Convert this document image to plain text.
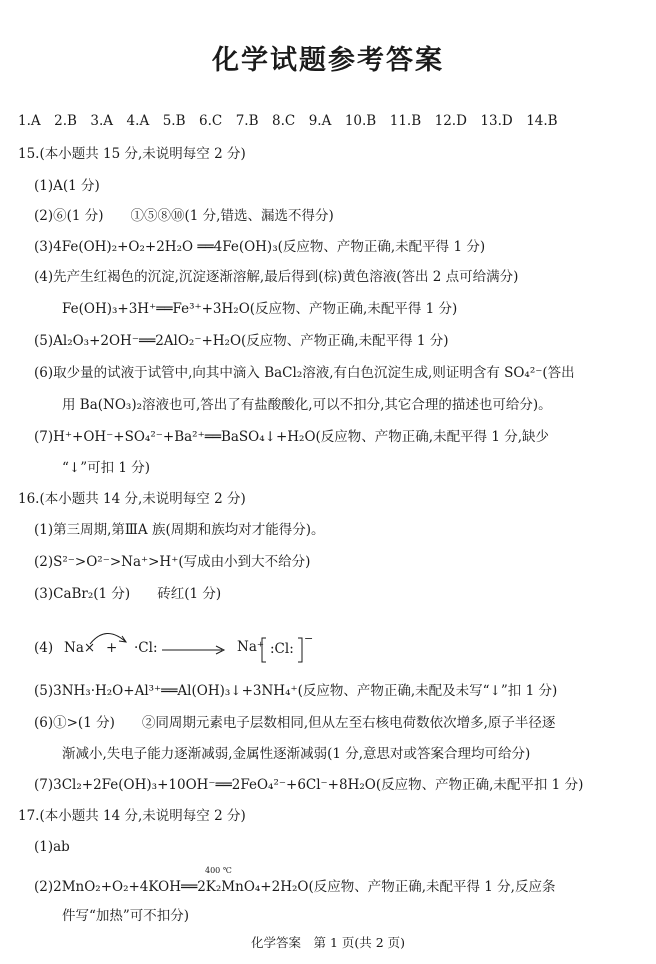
化学试题参考答案
1.A　2.B　3.A　4.A　5.B　6.C　7.B　8.C　9.A　10.B　11.B　12.D　13.D　14.B
15.(本小题共 15 分,未说明每空 2 分)
(1)A(1 分)
(2)⑥(1 分)　　①⑤⑧⑩(1 分,错选、漏选不得分)
(3)4Fe(OH)₂+O₂+2H₂O ══4Fe(OH)₃(反应物、产物正确,未配平得 1 分)
(4)先产生红褐色的沉淀,沉淀逐渐溶解,最后得到(棕)黄色溶液(答出 2 点可给满分)
Fe(OH)₃+3H⁺══Fe³⁺+3H₂O(反应物、产物正确,未配平得 1 分)
(5)Al₂O₃+2OH⁻══2AlO₂⁻+H₂O(反应物、产物正确,未配平得 1 分)
(6)取少量的试液于试管中,向其中滴入 BaCl₂溶液,有白色沉淀生成,则证明含有 SO₄²⁻(答出
用 Ba(NO₃)₂溶液也可,答出了有盐酸酸化,可以不扣分,其它合理的描述也可给分)。
(7)H⁺+OH⁻+SO₄²⁻+Ba²⁺══BaSO₄↓+H₂O(反应物、产物正确,未配平得 1 分,缺少
“↓”可扣 1 分)
16.(本小题共 14 分,未说明每空 2 分)
(1)第三周期,第ⅢA 族(周期和族均对才能得分)。
(2)S²⁻>O²⁻>Na⁺>H⁺(写成由小到大不给分)
(3)CaBr₂(1 分)　　砖红(1 分)
(4) Na× + ·Cl:	Na⁺ :Cl:
−
(5)3NH₃·H₂O+Al³⁺══Al(OH)₃↓+3NH₄⁺(反应物、产物正确,未配及未写“↓”扣 1 分)
(6)①>(1 分)　　②同周期元素电子层数相同,但从左至右核电荷数依次增多,原子半径逐
渐减小,失电子能力逐渐减弱,金属性逐渐减弱(1 分,意思对或答案合理均可给分)
(7)3Cl₂+2Fe(OH)₃+10OH⁻══2FeO₄²⁻+6Cl⁻+8H₂O(反应物、产物正确,未配平扣 1 分)
17.(本小题共 14 分,未说明每空 2 分)
(1)ab
400 ℃
(2)2MnO₂+O₂+4KOH══2K₂MnO₄+2H₂O(反应物、产物正确,未配平得 1 分,反应条
件写“加热”可不扣分)
化学答案　第 1 页(共 2 页)
